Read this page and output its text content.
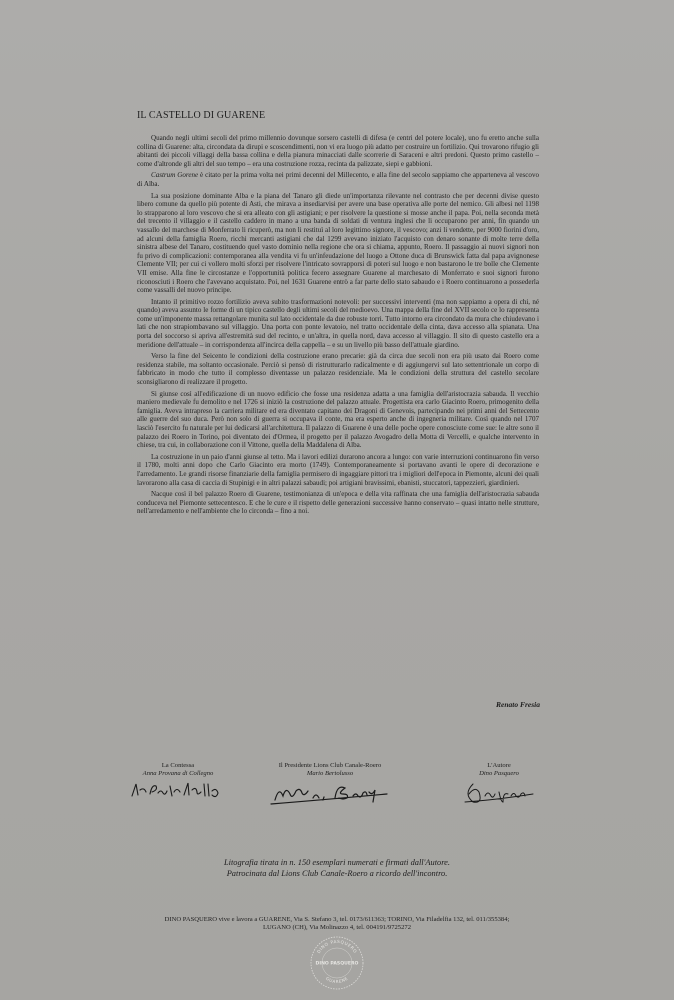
IL CASTELLO DI GUARENE

Quando negli ultimi secoli del primo millennio dovunque sorsero castelli di difesa (e centri del potere locale), uno fu eretto anche sulla collina di Guarene: alta, circondata da dirupi e scoscendimenti, non vi era luogo più adatto per costruire un fortilizio. Qui trovarono rifugio gli abitanti dei piccoli villaggi della bassa collina e della pianura minacciati dalle scorrerie di Saraceni e altri predoni. Questo primo castello – come d'altronde gli altri del suo tempo – era una costruzione rozza, recinta da palizzate, siepi e gabbioni.

Castrum Gorene è citato per la prima volta nei primi decenni del Millecento, e alla fine del secolo sappiamo che apparteneva al vescovo di Alba.

La sua posizione dominante Alba e la piana del Tanaro gli diede un'importanza rilevante nel contrasto che per decenni divise questo libero comune da quello più potente di Asti, che mirava a insediarvisi per avere una base operativa alle porte del nemico. Gli albesi nel 1198 lo strapparono al loro vescovo che si era alleato con gli astigiani; e per risolvere la questione si mosse anche il papa. Poi, nella seconda metà del trecento il villaggio e il castello caddero in mano a una banda di soldati di ventura inglesi che li occuparono per anni, fin quando un vassallo del marchese di Monferrato li ricuperò, ma non li restituì al loro legittimo signore, il vescovo; anzi li vendette, per 9000 fiorini d'oro, ad alcuni della famiglia Roero, ricchi mercanti astigiani che dal 1299 avevano iniziato l'acquisto con denaro sonante di molte terre della sinistra albese del Tanaro, costituendo quel vasto dominio nella regione che ora si chiama, appunto, Roero. Il passaggio ai nuovi signori non fu privo di complicazioni: contemporanea alla vendita vi fu un'infeudazione del luogo a Ottone duca di Brunswick fatta dal papa avignonese Clemente VII; per cui ci vollero molti sforzi per risolvere l'intricato sovrapporsi di poteri sul luogo e non bastarono le tre bolle che Clemente VII emise. Alla fine le circostanze e l'opportunità politica fecero assegnare Guarene al marchesato di Monferrato e suoi signori furono riconosciuti i Roero che l'avevano acquistato. Poi, nel 1631 Guarene entrò a far parte dello stato sabaudo e i Roero continuarono a possederla come vassalli del nuovo principe.

Intanto il primitivo rozzo fortilizio aveva subito trasformazioni notevoli: per successivi interventi (ma non sappiamo a opera di chi, né quando) aveva assunto le forme di un tipico castello degli ultimi secoli del medioevo. Una mappa della fine del XVII secolo ce lo rappresenta come un'imponente massa rettangolare munita sul lato occidentale da due robuste torri. Tutto intorno era circondato da mura che chiudevano i lati che non strapiombavano sul villaggio. Una porta con ponte levatoio, nel tratto occidentale della cinta, dava accesso alla spianata. Una porta del soccorso si apriva all'estremità sud del recinto, e un'altra, in quella nord, dava accesso al villaggio. Il sito di questo castello era a meridione dell'attuale – in corrispondenza all'incirca della cappella – e su un livello più basso dell'attuale giardino.

Verso la fine del Seicento le condizioni della costruzione erano precarie: già da circa due secoli non era più usato dai Roero come residenza stabile, ma soltanto occasionale. Perciò si pensò di ristrutturarlo radicalmente e di aggiungervi sul lato settentrionale un corpo di fabbricato in modo che tutto il complesso diventasse un palazzo residenziale. Ma le condizioni della struttura del castello secolare sconsigliarono di realizzare il progetto.

Si giunse così all'edificazione di un nuovo edificio che fosse una residenza adatta a una famiglia dell'aristocrazia sabauda. Il vecchio maniero medievale fu demolito e nel 1726 si iniziò la costruzione del palazzo attuale. Progettista era carlo Giacinto Roero, primogenito della famiglia. Aveva intrapreso la carriera militare ed era diventato capitano dei Dragoni di Genevois, partecipando nei primi anni del Settecento alle guerre del suo duca. Però non solo di guerra si occupava il conte, ma era esperto anche di ingegneria militare. Così quando nel 1707 lasciò l'esercito fu naturale per lui dedicarsi all'architettura. Il palazzo di Guarene è una delle poche opere conosciute come sue: le altre sono il palazzo dei Roero in Torino, poi diventato dei d'Ormea, il progetto per il palazzo Avogadro della Motta di Vercelli, e qualche intervento in chiese, tra cui, in collaborazione con il Vittone, quella della Maddalena di Alba.

La costruzione in un paio d'anni giunse al tetto. Ma i lavori edilizi durarono ancora a lungo: con varie interruzioni continuarono fin verso il 1780, molti anni dopo che Carlo Giacinto era morto (1749). Contemporaneamente si portavano avanti le opere di decorazione e l'arredamento. Le grandi risorse finanziarie della famiglia permisero di ingaggiare pittori tra i migliori dell'epoca in Piemonte, alcuni dei quali lavorarono alla casa di caccia di Stupinigi e in altri palazzi sabaudi; poi artigiani bravissimi, ebanisti, stuccatori, tappezzieri, giardinieri.

Nacque così il bel palazzo Roero di Guarene, testimonianza di un'epoca e della vita raffinata che una famiglia dell'aristocrazia sabauda conduceva nel Piemonte settecentesco. E che le cure e il rispetto delle generazioni successive hanno conservato – quasi intatto nelle strutture, nell'arredamento e nell'ambiente che lo circonda – fino a noi.

Renato Fresia
La Contessa
Anna Provana di Collegno
Il Presidente Lions Club Canale-Roero
Mario Bertolusso
L'Autore
Dino Pasquero
Litografia tirata in n. 150 esemplari numerati e firmati dall'Autore.
Patrocinata dal Lions Club Canale-Roero a ricordo dell'incontro.
DINO PASQUERO vive e lavora a GUARENE, Via S. Stefano 3, tel. 0173/611363; TORINO, Via Filadelfia 132, tel. 011/355384;
LUGANO (CH), Via Molinazzo 4, tel. 004191/9725272
DINO PASQUERO
DINO PASQUERO
GUARENE
